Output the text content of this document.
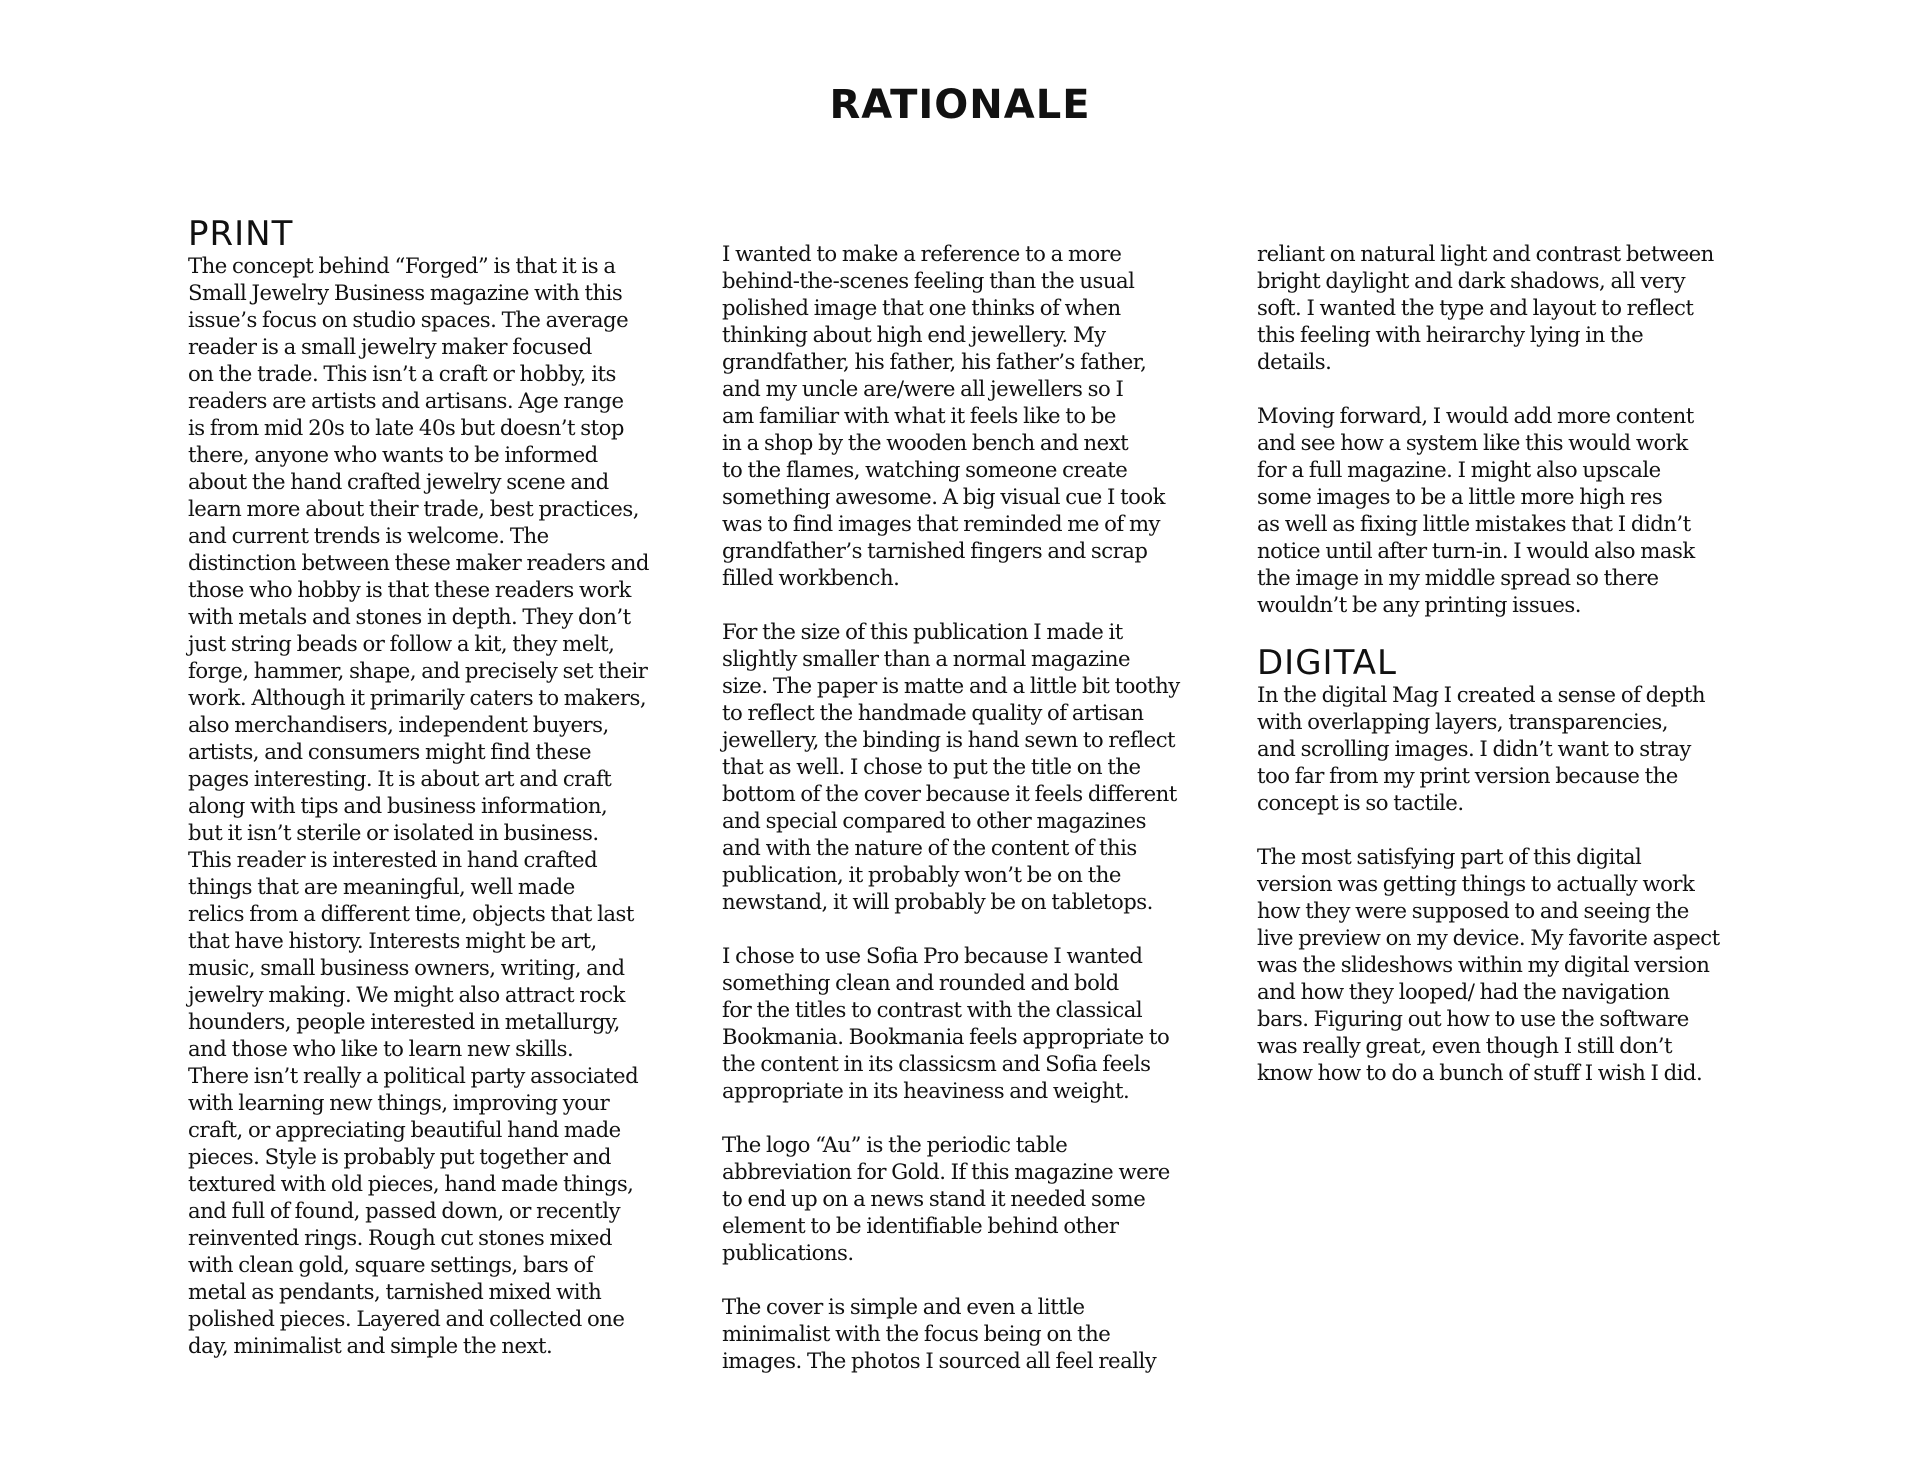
RATIONALE
PRINT

The concept behind “Forged” is that it is a
Small Jewelry Business magazine with this
issue’s focus on studio spaces. The average
reader is a small jewelry maker focused
on the trade. This isn’t a craft or hobby, its
readers are artists and artisans. Age range
is from mid 20s to late 40s but doesn’t stop
there, anyone who wants to be informed
about the hand crafted jewelry scene and
learn more about their trade, best practices,
and current trends is welcome. The
distinction between these maker readers and
those who hobby is that these readers work
with metals and stones in depth. They don’t
just string beads or follow a kit, they melt,
forge, hammer, shape, and precisely set their
work. Although it primarily caters to makers,
also merchandisers, independent buyers,
artists, and consumers might find these
pages interesting. It is about art and craft
along with tips and business information,
but it isn’t sterile or isolated in business.
This reader is interested in hand crafted
things that are meaningful, well made
relics from a different time, objects that last
that have history. Interests might be art,
music, small business owners, writing, and
jewelry making. We might also attract rock
hounders, people interested in metallurgy,
and those who like to learn new skills.
There isn’t really a political party associated
with learning new things, improving your
craft, or appreciating beautiful hand made
pieces. Style is probably put together and
textured with old pieces, hand made things,
and full of found, passed down, or recently
reinvented rings. Rough cut stones mixed
with clean gold, square settings, bars of
metal as pendants, tarnished mixed with
polished pieces. Layered and collected one
day, minimalist and simple the next.

I wanted to make a reference to a more
behind-the-scenes feeling than the usual
polished image that one thinks of when
thinking about high end jewellery. My
grandfather, his father, his father’s father,
and my uncle are/were all jewellers so I
am familiar with what it feels like to be
in a shop by the wooden bench and next
to the flames, watching someone create
something awesome. A big visual cue I took
was to find images that reminded me of my
grandfather’s tarnished fingers and scrap
filled workbench.

For the size of this publication I made it
slightly smaller than a normal magazine
size. The paper is matte and a little bit toothy
to reflect the handmade quality of artisan
jewellery, the binding is hand sewn to reflect
that as well. I chose to put the title on the
bottom of the cover because it feels different
and special compared to other magazines
and with the nature of the content of this
publication, it probably won’t be on the
newstand, it will probably be on tabletops.

I chose to use Sofia Pro because I wanted
something clean and rounded and bold
for the titles to contrast with the classical
Bookmania. Bookmania feels appropriate to
the content in its classicsm and Sofia feels
appropriate in its heaviness and weight.

The logo “Au” is the periodic table
abbreviation for Gold. If this magazine were
to end up on a news stand it needed some
element to be identifiable behind other
publications.

The cover is simple and even a little
minimalist with the focus being on the
images. The photos I sourced all feel really

reliant on natural light and contrast between
bright daylight and dark shadows, all very
soft. I wanted the type and layout to reflect
this feeling with heirarchy lying in the
details.

Moving forward, I would add more content
and see how a system like this would work
for a full magazine. I might also upscale
some images to be a little more high res
as well as fixing little mistakes that I didn’t
notice until after turn-in. I would also mask
the image in my middle spread so there
wouldn’t be any printing issues.

DIGITAL

In the digital Mag I created a sense of depth
with overlapping layers, transparencies,
and scrolling images. I didn’t want to stray
too far from my print version because the
concept is so tactile.

The most satisfying part of this digital
version was getting things to actually work
how they were supposed to and seeing the
live preview on my device. My favorite aspect
was the slideshows within my digital version
and how they looped/ had the navigation
bars. Figuring out how to use the software
was really great, even though I still don’t
know how to do a bunch of stuff I wish I did.
